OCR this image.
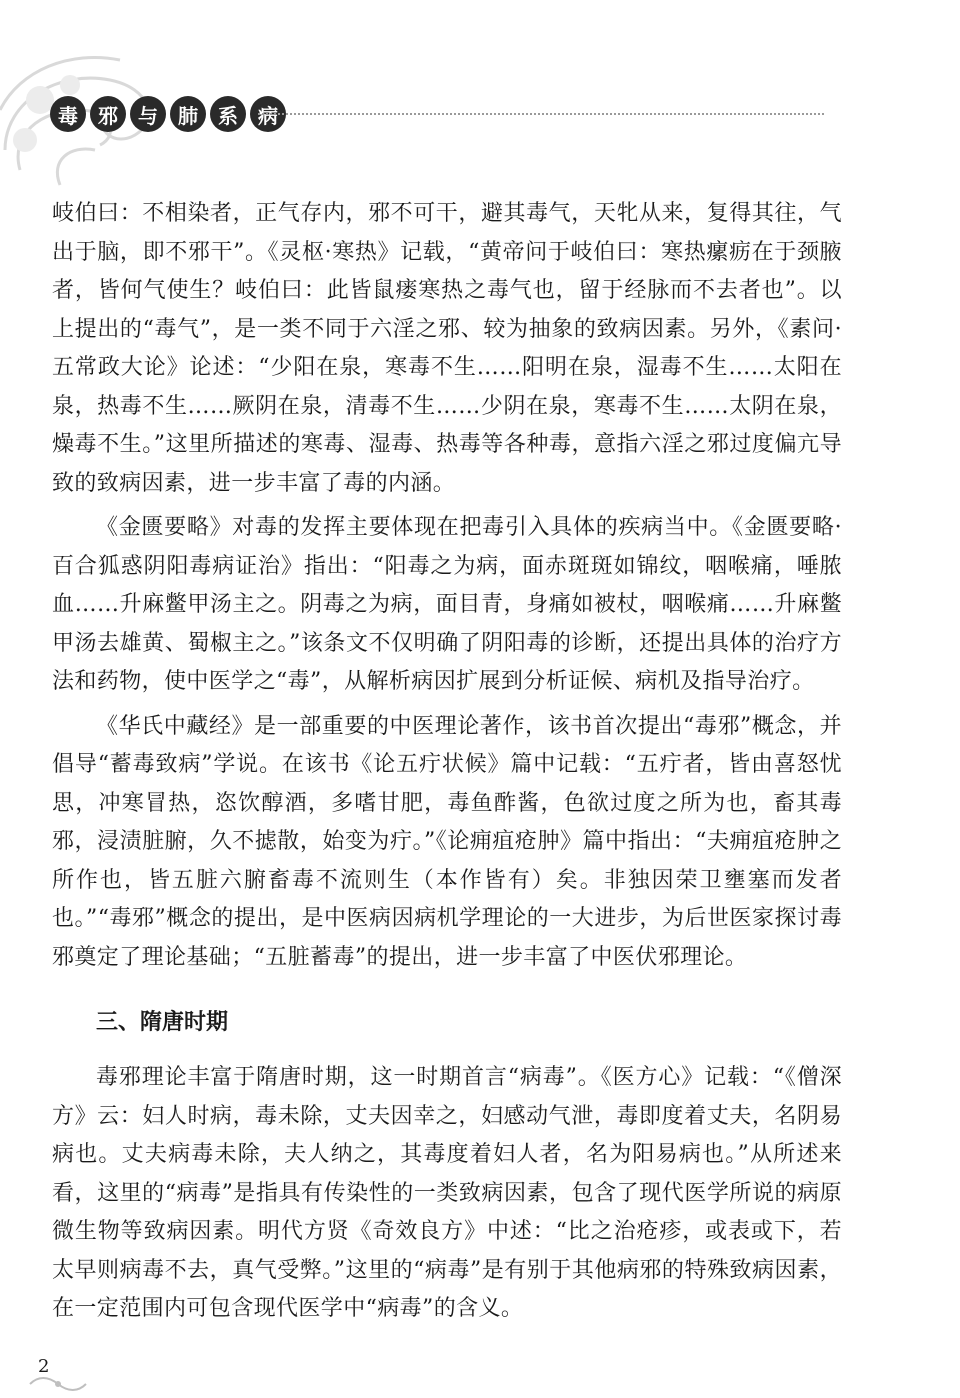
毒	邪	与	肺	系	病

岐伯曰：不相染者，正气存内，邪不可干，避其毒气，天牝从来，复得其往，气出于脑，即不邪干”。《灵枢·寒热》记载，“黄帝问于岐伯曰：寒热瘰疬在于颈腋者，皆何气使生？岐伯曰：此皆鼠瘘寒热之毒气也，留于经脉而不去者也”。以上提出的“毒气”，是一类不同于六淫之邪、较为抽象的致病因素。另外，《素问·五常政大论》论述：“少阳在泉，寒毒不生……阳明在泉，湿毒不生……太阳在泉，热毒不生……厥阴在泉，清毒不生……少阴在泉，寒毒不生……太阴在泉，燥毒不生。”这里所描述的寒毒、湿毒、热毒等各种毒，意指六淫之邪过度偏亢导致的致病因素，进一步丰富了毒的内涵。

《金匮要略》对毒的发挥主要体现在把毒引入具体的疾病当中。《金匮要略·百合狐惑阴阳毒病证治》指出：“阳毒之为病，面赤斑斑如锦纹，咽喉痛，唾脓血……升麻鳖甲汤主之。阴毒之为病，面目青，身痛如被杖，咽喉痛……升麻鳖甲汤去雄黄、蜀椒主之。”该条文不仅明确了阴阳毒的诊断，还提出具体的治疗方法和药物，使中医学之“毒”，从解析病因扩展到分析证候、病机及指导治疗。

《华氏中藏经》是一部重要的中医理论著作，该书首次提出“毒邪”概念，并倡导“蓄毒致病”学说。在该书《论五疔状候》篇中记载：“五疔者，皆由喜怒忧思，冲寒冒热，恣饮醇酒，多嗜甘肥，毒鱼酢酱，色欲过度之所为也，畜其毒邪，浸渍脏腑，久不摅散，始变为疔。”《论痈疽疮肿》篇中指出：“夫痈疽疮肿之所作也，皆五脏六腑畜毒不流则生（本作皆有）矣。非独因荣卫壅塞而发者也。”“毒邪”概念的提出，是中医病因病机学理论的一大进步，为后世医家探讨毒邪奠定了理论基础；“五脏蓄毒”的提出，进一步丰富了中医伏邪理论。

三、隋唐时期

毒邪理论丰富于隋唐时期，这一时期首言“病毒”。《医方心》记载：“《僧深方》云：妇人时病，毒未除，丈夫因幸之，妇感动气泄，毒即度着丈夫，名阴易病也。丈夫病毒未除，夫人纳之，其毒度着妇人者，名为阳易病也。”从所述来看，这里的“病毒”是指具有传染性的一类致病因素，包含了现代医学所说的病原微生物等致病因素。明代方贤《奇效良方》中述：“比之治疮疹，或表或下，若太早则病毒不去，真气受弊。”这里的“病毒”是有别于其他病邪的特殊致病因素，在一定范围内可包含现代医学中“病毒”的含义。

2
